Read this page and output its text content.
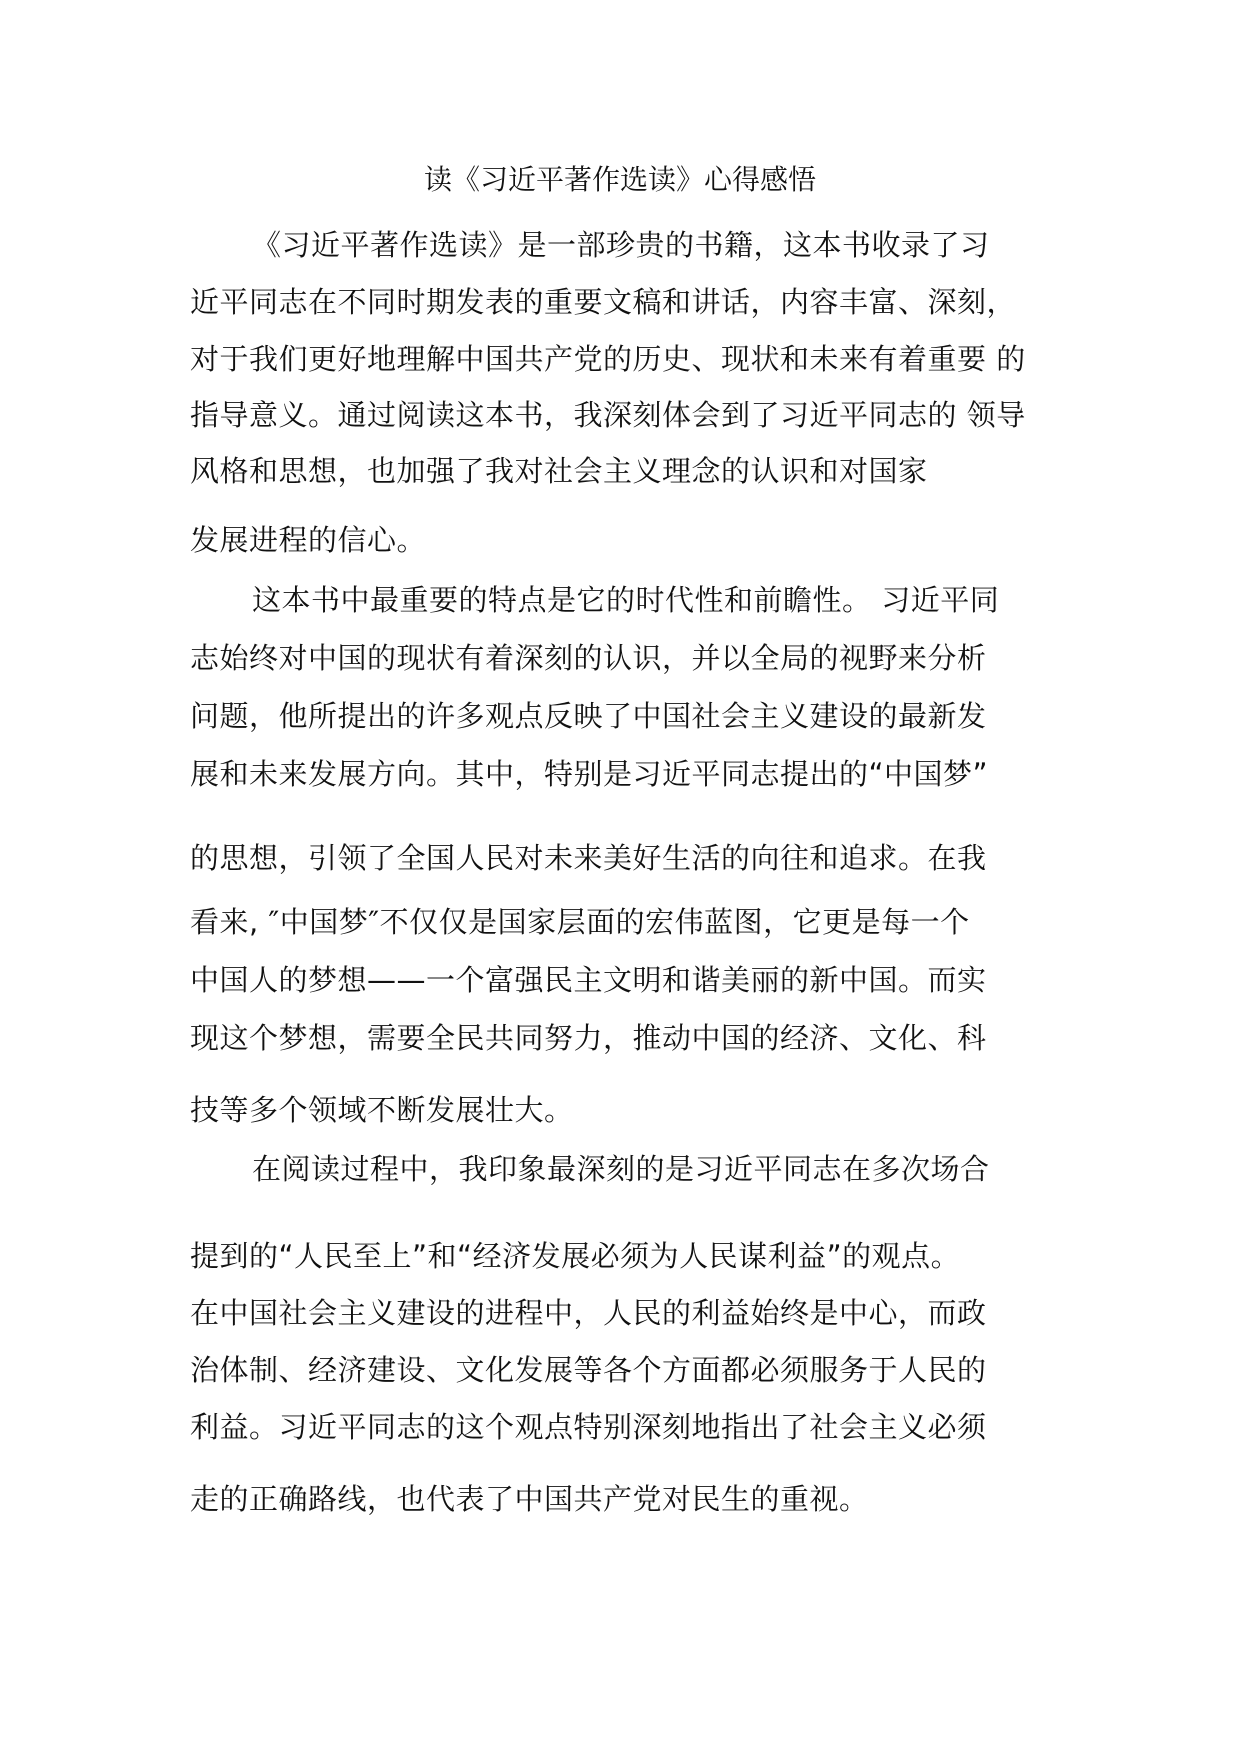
读《习近平著作选读》心得感悟
《习近平著作选读》是一部珍贵的书籍，这本书收录了习
近平同志在不同时期发表的重要文稿和讲话，内容丰富、深刻，
对于我们更好地理解中国共产党的历史、现状和未来有着重要 的
指导意义。通过阅读这本书，我深刻体会到了习近平同志的 领导
风格和思想，也加强了我对社会主义理念的认识和对国家
发展进程的信心。
这本书中最重要的特点是它的时代性和前瞻性。 习近平同
志始终对中国的现状有着深刻的认识，并以全局的视野来分析
问题，他所提出的许多观点反映了中国社会主义建设的最新发
展和未来发展方向。其中，特别是习近平同志提出的“中国梦”
的思想，引领了全国人民对未来美好生活的向往和追求。在我
看来, ″中国梦″不仅仅是国家层面的宏伟蓝图，它更是每一个
中国人的梦想——一个富强民主文明和谐美丽的新中国。而实
现这个梦想，需要全民共同努力，推动中国的经济、文化、科
技等多个领域不断发展壮大。
在阅读过程中，我印象最深刻的是习近平同志在多次场合
提到的“人民至上”和“经济发展必须为人民谋利益”的观点。
在中国社会主义建设的进程中，人民的利益始终是中心，而政
治体制、经济建设、文化发展等各个方面都必须服务于人民的
利益。习近平同志的这个观点特别深刻地指出了社会主义必须
走的正确路线，也代表了中国共产党对民生的重视。
